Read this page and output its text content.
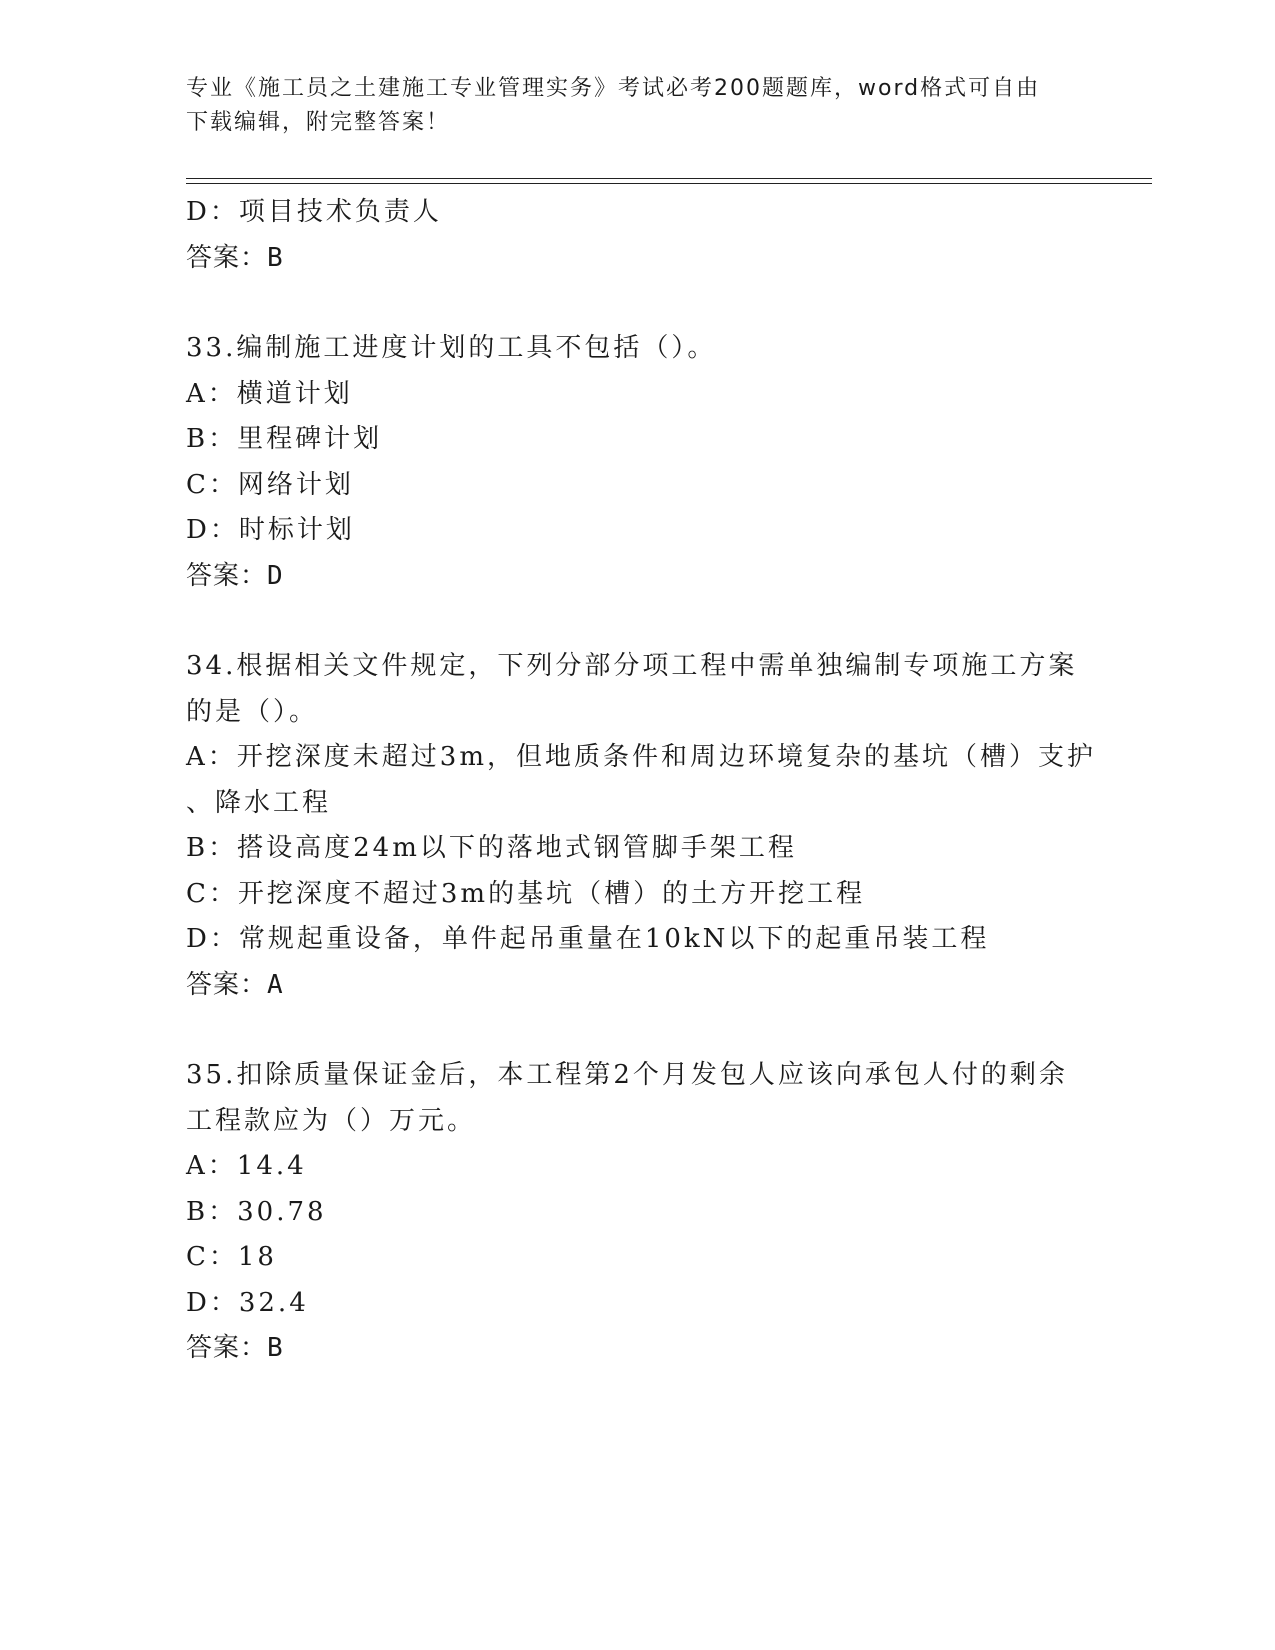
专业《施工员之土建施工专业管理实务》考试必考200题题库，word格式可自由
下载编辑，附完整答案！
D：项目技术负责人
答案：B
33.编制施工进度计划的工具不包括（）。
A：横道计划
B：里程碑计划
C：网络计划
D：时标计划
答案：D
34.根据相关文件规定，下列分部分项工程中需单独编制专项施工方案
的是（）。
A：开挖深度未超过3m，但地质条件和周边环境复杂的基坑（槽）支护
、降水工程
B：搭设高度24m以下的落地式钢管脚手架工程
C：开挖深度不超过3m的基坑（槽）的土方开挖工程
D：常规起重设备，单件起吊重量在10kN以下的起重吊装工程
答案：A
35.扣除质量保证金后，本工程第2个月发包人应该向承包人付的剩余
工程款应为（）万元。
A：14.4
B：30.78
C：18
D：32.4
答案：B
